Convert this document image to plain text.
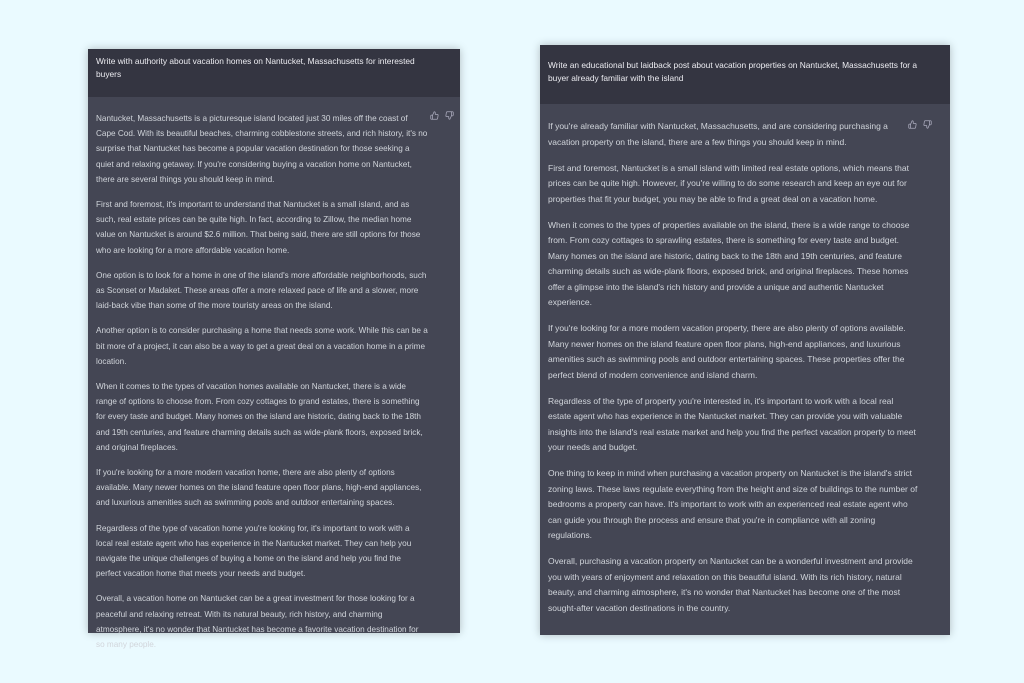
Write with authority about vacation homes on Nantucket, Massachusetts for interested buyers

Nantucket, Massachusetts is a picturesque island located just 30 miles off the coast of Cape Cod. With its beautiful beaches, charming cobblestone streets, and rich history, it's no surprise that Nantucket has become a popular vacation destination for those seeking a quiet and relaxing getaway. If you're considering buying a vacation home on Nantucket, there are several things you should keep in mind.

First and foremost, it's important to understand that Nantucket is a small island, and as such, real estate prices can be quite high. In fact, according to Zillow, the median home value on Nantucket is around $2.6 million. That being said, there are still options for those who are looking for a more affordable vacation home.

One option is to look for a home in one of the island's more affordable neighborhoods, such as Sconset or Madaket. These areas offer a more relaxed pace of life and a slower, more laid-back vibe than some of the more touristy areas on the island.

Another option is to consider purchasing a home that needs some work. While this can be a bit more of a project, it can also be a way to get a great deal on a vacation home in a prime location.

When it comes to the types of vacation homes available on Nantucket, there is a wide range of options to choose from. From cozy cottages to grand estates, there is something for every taste and budget. Many homes on the island are historic, dating back to the 18th and 19th centuries, and feature charming details such as wide-plank floors, exposed brick, and original fireplaces.

If you're looking for a more modern vacation home, there are also plenty of options available. Many newer homes on the island feature open floor plans, high-end appliances, and luxurious amenities such as swimming pools and outdoor entertaining spaces.

Regardless of the type of vacation home you're looking for, it's important to work with a local real estate agent who has experience in the Nantucket market. They can help you navigate the unique challenges of buying a home on the island and help you find the perfect vacation home that meets your needs and budget.

Overall, a vacation home on Nantucket can be a great investment for those looking for a peaceful and relaxing retreat. With its natural beauty, rich history, and charming atmosphere, it's no wonder that Nantucket has become a favorite vacation destination for so many people.

Write an educational but laidback post about vacation properties on Nantucket, Massachusetts for a buyer already familiar with the island

If you're already familiar with Nantucket, Massachusetts, and are considering purchasing a vacation property on the island, there are a few things you should keep in mind.

First and foremost, Nantucket is a small island with limited real estate options, which means that prices can be quite high. However, if you're willing to do some research and keep an eye out for properties that fit your budget, you may be able to find a great deal on a vacation home.

When it comes to the types of properties available on the island, there is a wide range to choose from. From cozy cottages to sprawling estates, there is something for every taste and budget. Many homes on the island are historic, dating back to the 18th and 19th centuries, and feature charming details such as wide-plank floors, exposed brick, and original fireplaces. These homes offer a glimpse into the island's rich history and provide a unique and authentic Nantucket experience.

If you're looking for a more modern vacation property, there are also plenty of options available. Many newer homes on the island feature open floor plans, high-end appliances, and luxurious amenities such as swimming pools and outdoor entertaining spaces. These properties offer the perfect blend of modern convenience and island charm.

Regardless of the type of property you're interested in, it's important to work with a local real estate agent who has experience in the Nantucket market. They can provide you with valuable insights into the island's real estate market and help you find the perfect vacation property to meet your needs and budget.

One thing to keep in mind when purchasing a vacation property on Nantucket is the island's strict zoning laws. These laws regulate everything from the height and size of buildings to the number of bedrooms a property can have. It's important to work with an experienced real estate agent who can guide you through the process and ensure that you're in compliance with all zoning regulations.

Overall, purchasing a vacation property on Nantucket can be a wonderful investment and provide you with years of enjoyment and relaxation on this beautiful island. With its rich history, natural beauty, and charming atmosphere, it's no wonder that Nantucket has become one of the most sought-after vacation destinations in the country.
